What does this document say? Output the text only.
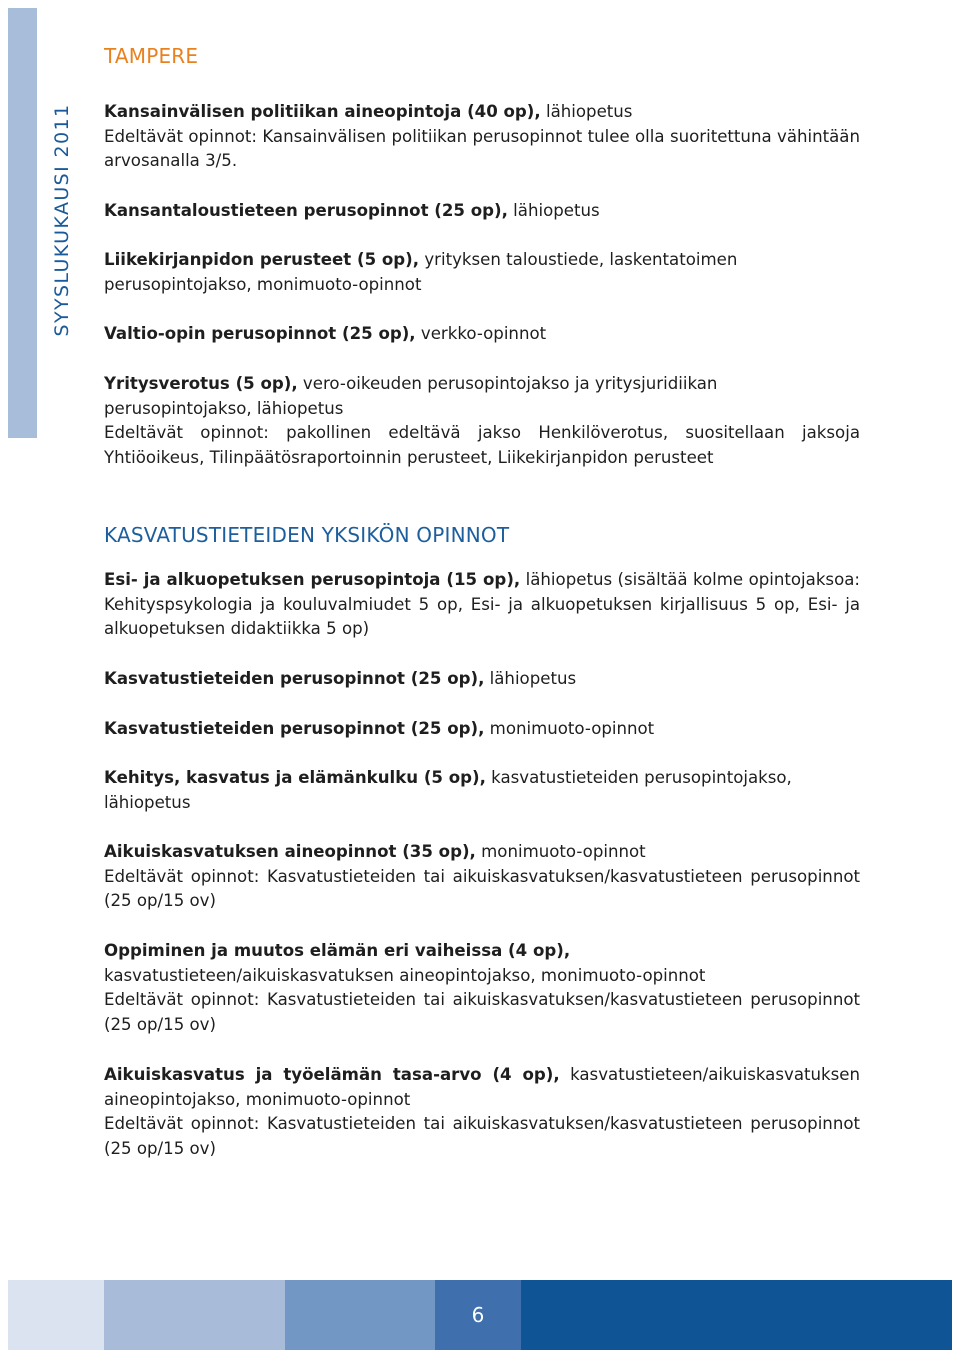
SYYSLUKUKAUSI 2011
TAMPERE

Kansainvälisen politiikan aineopintoja (40 op), lähiopetus

Edeltävät opinnot: Kansainvälisen politiikan perusopinnot tulee olla suoritettuna vähintään arvosanalla 3/5.

Kansantaloustieteen perusopinnot (25 op), lähiopetus

Liikekirjanpidon perusteet (5 op), yrityksen taloustiede, laskentatoimen perusopintojakso, monimuoto-opinnot

Valtio-opin perusopinnot (25 op), verkko-opinnot

Yritysverotus (5 op), vero-oikeuden perusopintojakso ja yritysjuridiikan perusopintojakso, lähiopetus

Edeltävät opinnot: pakollinen edeltävä jakso Henkilöverotus, suositellaan jaksoja Yhtiöoikeus, Tilinpäätösraportoinnin perusteet, Liikekirjanpidon perusteet

KASVATUSTIETEIDEN YKSIKÖN OPINNOT

Esi- ja alkuopetuksen perusopintoja (15 op), lähiopetus (sisältää kolme opintojaksoa: Kehityspsykologia ja kouluvalmiudet 5 op, Esi- ja alkuopetuksen kirjallisuus 5 op, Esi- ja alkuopetuksen didaktiikka 5 op)

Kasvatustieteiden perusopinnot (25 op), lähiopetus

Kasvatustieteiden perusopinnot (25 op), monimuoto-opinnot

Kehitys, kasvatus ja elämänkulku (5 op), kasvatustieteiden perusopintojakso, lähiopetus

Aikuiskasvatuksen aineopinnot (35 op), monimuoto-opinnot

Edeltävät opinnot: Kasvatustieteiden tai aikuiskasvatuksen/kasvatustieteen perusopinnot (25 op/15 ov)

Oppiminen ja muutos elämän eri vaiheissa (4 op),

kasvatustieteen/aikuiskasvatuksen aineopintojakso, monimuoto-opinnot

Edeltävät opinnot: Kasvatustieteiden tai aikuiskasvatuksen/kasvatustieteen perusopinnot (25 op/15 ov)

Aikuiskasvatus ja työelämän tasa-arvo (4 op), kasvatustieteen/aikuiskasvatuksen aineopintojakso, monimuoto-opinnot

Edeltävät opinnot: Kasvatustieteiden tai aikuiskasvatuksen/kasvatustieteen perusopinnot (25 op/15 ov)

6
